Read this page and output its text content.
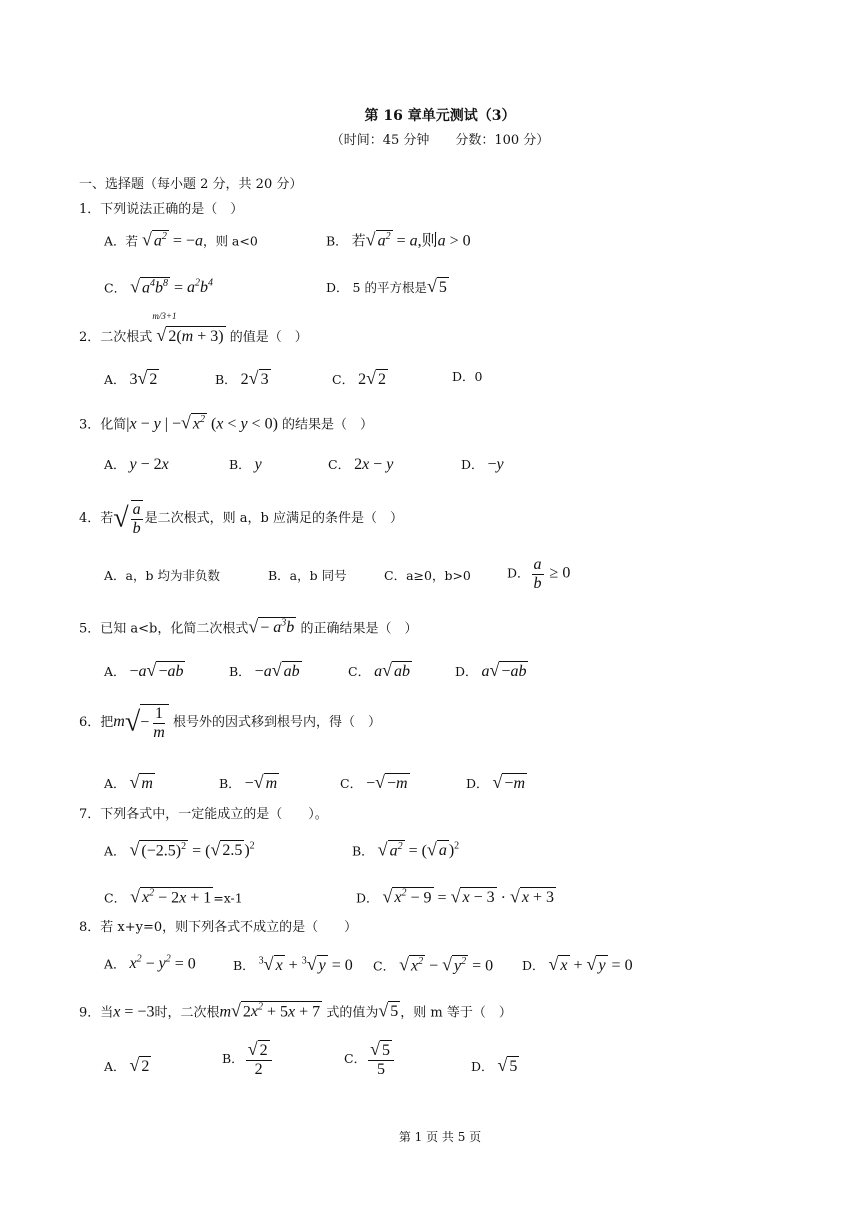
第 16 章单元测试（3）
（时间：45 分钟　　分数：100 分）
一、选择题（每小题 2 分，共 20 分）
1．下列说法正确的是（　）
A．若 √ $a^2 = -a$，则 a<0	B． 若√ $a^2 = a$,则a > 0
C． √ $a^4b^8 = a^2b^4$	D． 5 的平方根是√ 5
2．二次根式
m/3+1
√ 2(m + 3) 的值是（　）
A． 3√ 2	B． 2√ 3	C． 2√ 2	D．0
3．化简|x − y | −√ $x^2$ (x < y < 0) 的结果是（　）
A． y − 2x	B． y	C． 2x − y	D． −y
4．若√ $\frac{a}{b}$ 是二次根式，则 a，b 应满足的条件是（　）
A．a，b 均为非负数	B．a，b 同号	C．a≥0，b>0	D． $\frac{a}{b} \ge 0$
5．已知 a<b，化简二次根式√ − $a^3b$ 的正确结果是（　）
A． −a√ −ab	B． −a√ ab	C． a√ ab	D． a√ −ab
6．把$m√ - \frac{1}{m}$ 根号外的因式移到根号内，得（　）
A． √ m	B． −√ m	C． −√ −m	D． √ −m
7．下列各式中，一定能成立的是（　　）。
A． √ $(-2.5)^2$ = (√ 2.5 )$^2$	B． √ $a^2$ = (√ a )$^2$
C． √ $x^2 - 2x + 1 =x-1$	D． √ $x^2 - 9$ = √ x − 3 · √ x + 3
8．若 x+y=0，则下列各式不成立的是（　　）
A． $x^2 - y^2 = 0$	B． $^3$√ x + $^3$√ y = 0 C． √ $x^2$ − √ $y^2 = 0$ D． √ x + √ y = 0
9．当x = −3时，二次根m√ $2x^2 + 5x + 7$ 式的值为√ 5 ，则 m 等于（　）
A． √ 2	B． $\frac{√ 2}{2}$	C． $\frac{√ 5}{5}$	D． √ 5
第 1 页 共 5 页
